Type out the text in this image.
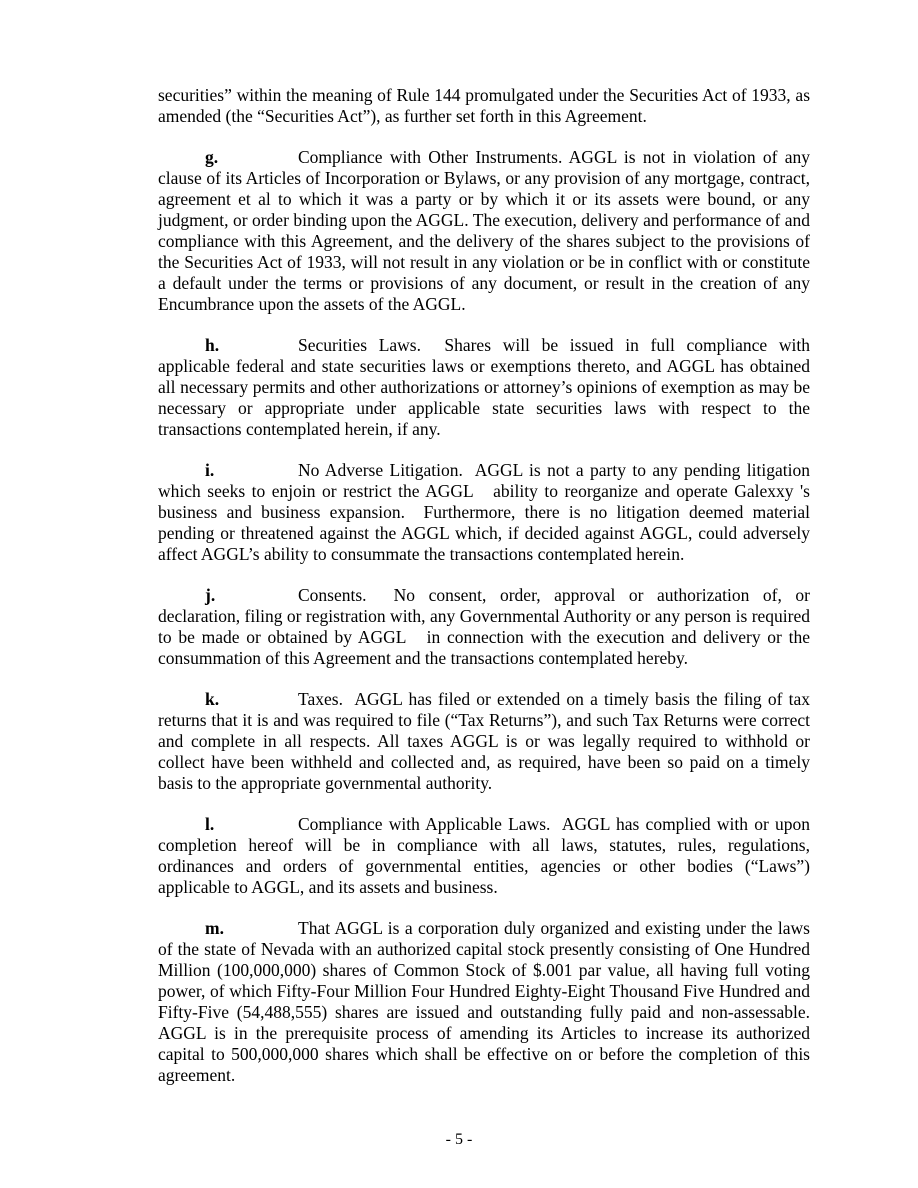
securities” within the meaning of Rule 144 promulgated under the Securities Act of 1933, as amended (the “Securities Act”), as further set forth in this Agreement.

g.	Compliance with Other Instruments. AGGL is not in violation of any clause of its Articles of Incorporation or Bylaws, or any provision of any mortgage, contract, agreement et al to which it was a party or by which it or its assets were bound, or any judgment, or order binding upon the AGGL. The execution, delivery and performance of and compliance with this Agreement, and the delivery of the shares subject to the provisions of the Securities Act of 1933, will not result in any violation or be in conflict with or constitute a default under the terms or provisions of any document, or result in the creation of any Encumbrance upon the assets of the AGGL.

h.	Securities Laws.  Shares will be issued in full compliance with applicable federal and state securities laws or exemptions thereto, and AGGL has obtained all necessary permits and other authorizations or attorney’s opinions of exemption as may be necessary or appropriate under applicable state securities laws with respect to the transactions contemplated herein, if any.

i.	No Adverse Litigation.  AGGL is not a party to any pending litigation which seeks to enjoin or restrict the AGGL   ability to reorganize and operate Galexxy 's business and business expansion.  Furthermore, there is no litigation deemed material pending or threatened against the AGGL which, if decided against AGGL, could adversely affect AGGL’s ability to consummate the transactions contemplated herein.

j.	Consents.  No consent, order, approval or authorization of, or declaration, filing or registration with, any Governmental Authority or any person is required to be made or obtained by AGGL   in connection with the execution and delivery or the consummation of this Agreement and the transactions contemplated hereby.

k.	Taxes.  AGGL has filed or extended on a timely basis the filing of tax returns that it is and was required to file (“Tax Returns”), and such Tax Returns were correct and complete in all respects. All taxes AGGL is or was legally required to withhold or collect have been withheld and collected and, as required, have been so paid on a timely basis to the appropriate governmental authority.

l.	Compliance with Applicable Laws.  AGGL has complied with or upon completion hereof will be in compliance with all laws, statutes, rules, regulations, ordinances and orders of governmental entities, agencies or other bodies (“Laws”) applicable to AGGL, and its assets and business.

m.	That AGGL is a corporation duly organized and existing under the laws of the state of Nevada with an authorized capital stock presently consisting of One Hundred Million (100,000,000) shares of Common Stock of $.001 par value, all having full voting power, of which Fifty-Four Million Four Hundred Eighty-Eight Thousand Five Hundred and Fifty-Five (54,488,555) shares are issued and outstanding fully paid and non-assessable. AGGL is in the prerequisite process of amending its Articles to increase its authorized capital to 500,000,000 shares which shall be effective on or before the completion of this agreement.

- 5 -
